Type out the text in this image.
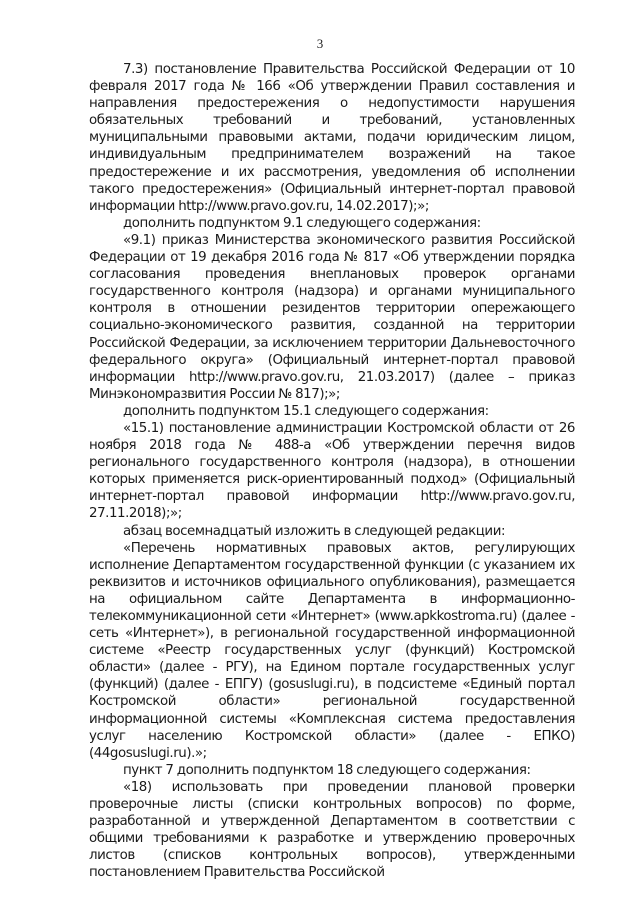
3

7.3) постановление Правительства Российской Федерации от 10 февраля 2017 года № 166 «Об утверждении Правил составления и направления предостережения о недопустимости нарушения обязательных требований и требований, установленных муниципальными правовыми актами, подачи юридическим лицом, индивидуальным предпринимателем возражений на такое предостережение и их рассмотрения, уведомления об исполнении такого предостережения» (Официальный интернет-портал правовой информации http://www.pravo.gov.ru, 14.02.2017);»;

дополнить подпунктом 9.1 следующего содержания:

«9.1) приказ Министерства экономического развития Российской Федерации от 19 декабря 2016 года № 817 «Об утверждении порядка согласования проведения внеплановых проверок органами государственного контроля (надзора) и органами муниципального контроля в отношении резидентов территории опережающего социально-экономического развития, созданной на территории Российской Федерации, за исключением территории Дальневосточного федерального округа» (Официальный интернет-портал правовой информации http://www.pravo.gov.ru, 21.03.2017) (далее – приказ Минэкономразвития России № 817);»;

дополнить подпунктом 15.1 следующего содержания:

«15.1) постановление администрации Костромской области от 26 ноября 2018 года № 488-а «Об утверждении перечня видов регионального государственного контроля (надзора), в отношении которых применяется риск-ориентированный подход» (Официальный интернет-портал правовой информации http://www.pravo.gov.ru, 27.11.2018);»;

абзац восемнадцатый изложить в следующей редакции:

«Перечень нормативных правовых актов, регулирующих исполнение Департаментом государственной функции (с указанием их реквизитов и источников официального опубликования), размещается на официальном сайте Департамента в информационно-телекоммуникационной сети «Интернет» (www.apkkostroma.ru) (далее - сеть «Интернет»), в региональной государственной информационной системе «Реестр государственных услуг (функций) Костромской области» (далее - РГУ), на Едином портале государственных услуг (функций) (далее - ЕПГУ) (gosuslugi.ru), в подсистеме «Единый портал Костромской области» региональной государственной информационной системы «Комплексная система предоставления услуг населению Костромской области» (далее - ЕПКО) (44gosuslugi.ru).»;

пункт 7 дополнить подпунктом 18 следующего содержания:

«18) использовать при проведении плановой проверки проверочные листы (списки контрольных вопросов) по форме, разработанной и утвержденной Департаментом в соответствии с общими требованиями к разработке и утверждению проверочных листов (списков контрольных вопросов), утвержденными постановлением Правительства Российской
